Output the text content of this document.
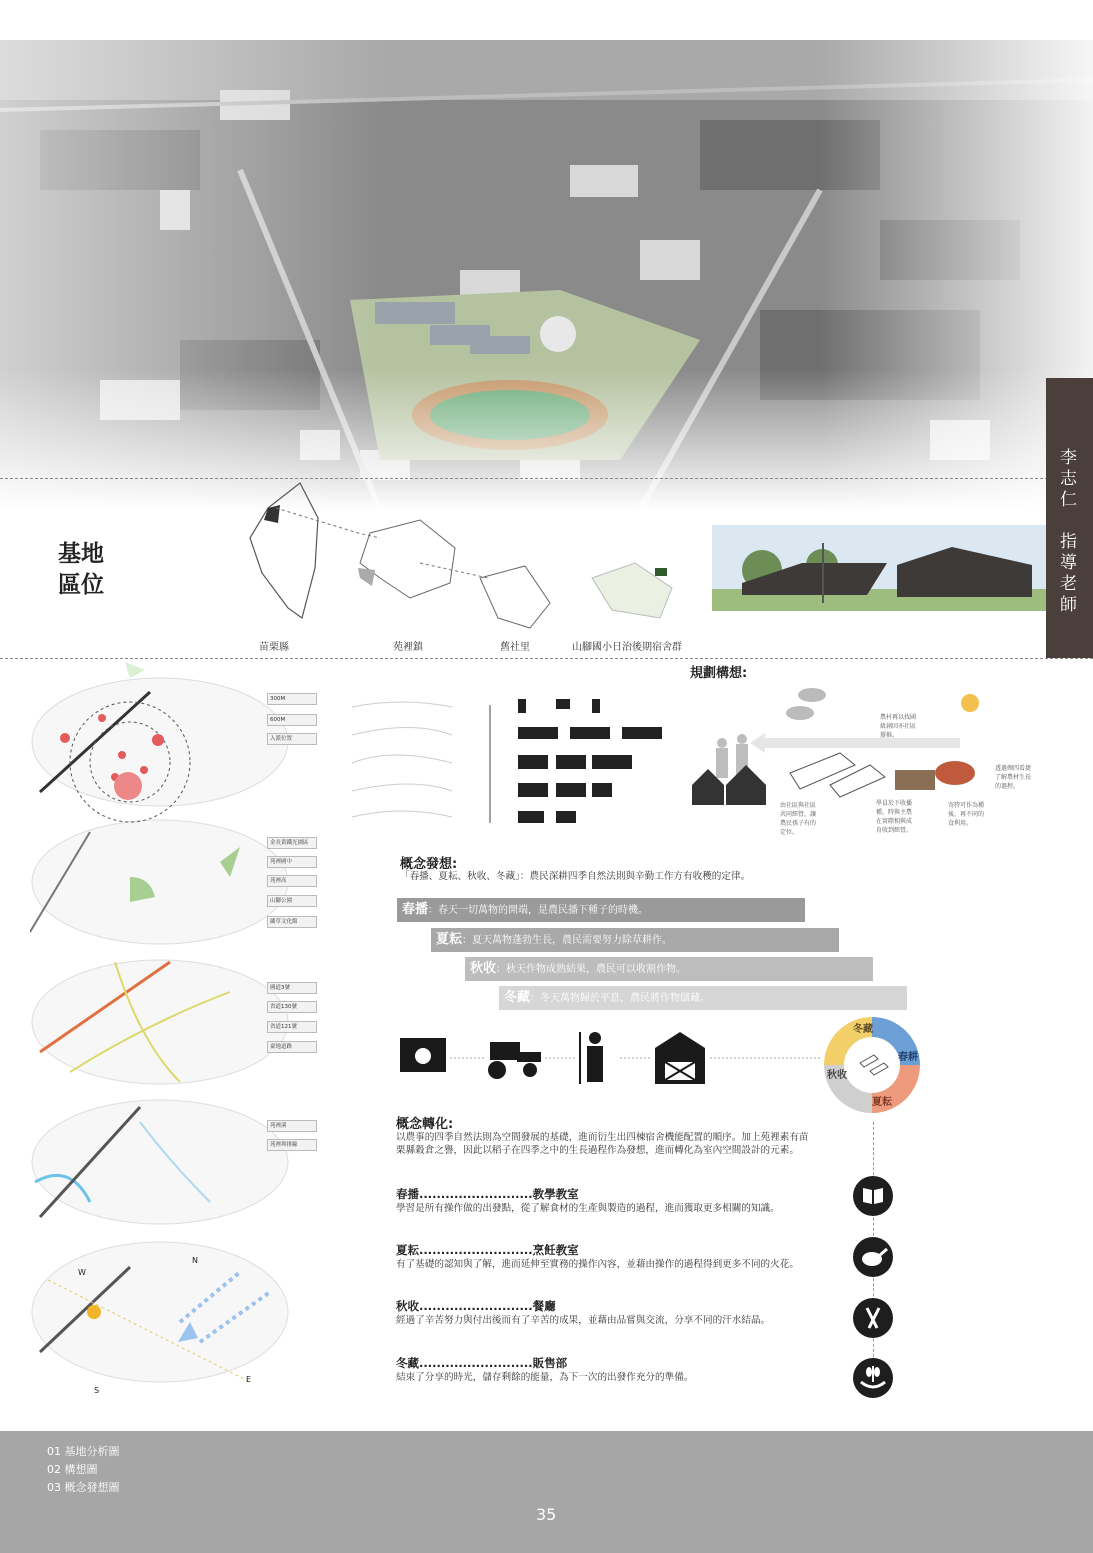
李志仁　指導老師
基地區位
苗栗縣	苑裡鎮	舊社里	山腳國小日治後期宿舍群
300M
600M
入派位置
金長黃鐵光園區
苑裡國中
苑裡高
山腳公園
藺草文化館
國道3號
省道130號
省道121號
臺地道路
苑裡溪
苑裡圳排線
W
N
S
E
規劃構想:
農村再以找國級創因亦社區撐推。
透過劑四看捷了解農材生長的過程。
由社區與社區共同經營，讓農民孫子有的定位。
學員於下收播種，時與主農在實際相與成育收到經營。
寄特可作為種後，再不同的食利用。
概念發想:
「春播、夏耘、秋收、冬藏」：農民深耕四季自然法則與辛勤工作方有收穫的定律。
春播：春天一切萬物的開端，是農民播下種子的時機。
夏耘：夏天萬物蓬勃生長，農民需要努力除草耕作。
秋收：秋天作物成熟結果，農民可以收割作物。
冬藏：冬天萬物歸於平息，農民將作物儲藏。
冬藏
春耕
夏耘
秋收
概念轉化:
以農事的四季自然法則為空間發展的基礎，進而衍生出四棟宿舍機能配置的順序。加上苑裡素有苗栗縣穀倉之譽，因此以稻子在四季之中的生長過程作為發想，進而轉化為室內空間設計的元素。
春播..........................教學教室
學習是所有操作做的出發點，從了解食材的生產與製造的過程，進而獲取更多相關的知識。
夏耘..........................烹飪教室
有了基礎的認知與了解，進而延伸至實務的操作內容，並藉由操作的過程得到更多不同的火花。
秋收..........................餐廳
經過了辛苦努力與付出後而有了辛苦的成果，並藉由品嘗與交流，分享不同的汗水結晶。
冬藏..........................販售部
結束了分享的時光，儲存剩餘的能量，為下一次的出發作充分的準備。
01 基地分析圖
02 構想圖
03 概念發想圖
35
